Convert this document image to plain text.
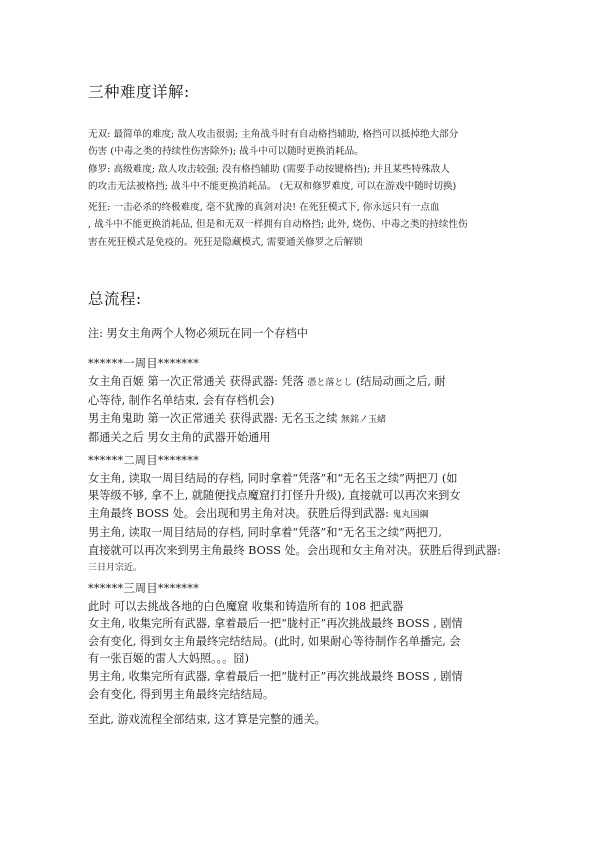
三种难度详解:
无双: 最简单的难度; 敌人攻击很弱; 主角战斗时有自动格挡辅助, 格挡可以抵掉绝大部分
伤害 (中毒之类的持续性伤害除外); 战斗中可以随时更换消耗品。
修罗: 高级难度; 敌人攻击较强; 没有格挡辅助 (需要手动按键格挡); 并且某些特殊敌人
的攻击无法被格挡; 战斗中不能更换消耗品。 (无双和修罗难度, 可以在游戏中随时切换)
死狂: 一击必杀的终极难度, 毫不犹豫的真剑对决! 在死狂模式下, 你永远只有一点血
, 战斗中不能更换消耗品, 但是和无双一样拥有自动格挡; 此外, 烧伤、中毒之类的持续性伤
害在死狂模式是免疫的。死狂是隐藏模式, 需要通关修罗之后解锁
总流程:
注: 男女主角两个人物必须玩在同一个存档中
******一周目*******
女主角百姬 第一次正常通关 获得武器: 凭落 憑と落とし (结局动画之后, 耐
心等待, 制作名单结束, 会有存档机会)
男主角鬼助 第一次正常通关 获得武器: 无名玉之续 無銘ノ玉緒
都通关之后 男女主角的武器开始通用
******二周目*******
女主角, 读取一周目结局的存档, 同时拿着“凭落”和“无名玉之续”两把刀 (如
果等级不够, 拿不上, 就随便找点魔窟打打怪升升级), 直接就可以再次来到女
主角最终 BOSS 处。会出现和男主角对决。获胜后得到武器: 鬼丸国綱
男主角, 读取一周目结局的存档, 同时拿着“凭落”和“无名玉之续”两把刀,
直接就可以再次来到男主角最终 BOSS 处。会出现和女主角对决。获胜后得到武器:
三日月宗近。
******三周目*******
此时 可以去挑战各地的白色魔窟 收集和铸造所有的 108 把武器
女主角, 收集完所有武器, 拿着最后一把“胧村正”再次挑战最终 BOSS , 剧情
会有变化, 得到女主角最终完结结局。(此时, 如果耐心等待制作名单播完, 会
有一张百姬的雷人大妈照。。。囧)
男主角, 收集完所有武器, 拿着最后一把“胧村正”再次挑战最终 BOSS , 剧情
会有变化, 得到男主角最终完结结局。
至此, 游戏流程全部结束, 这才算是完整的通关。
